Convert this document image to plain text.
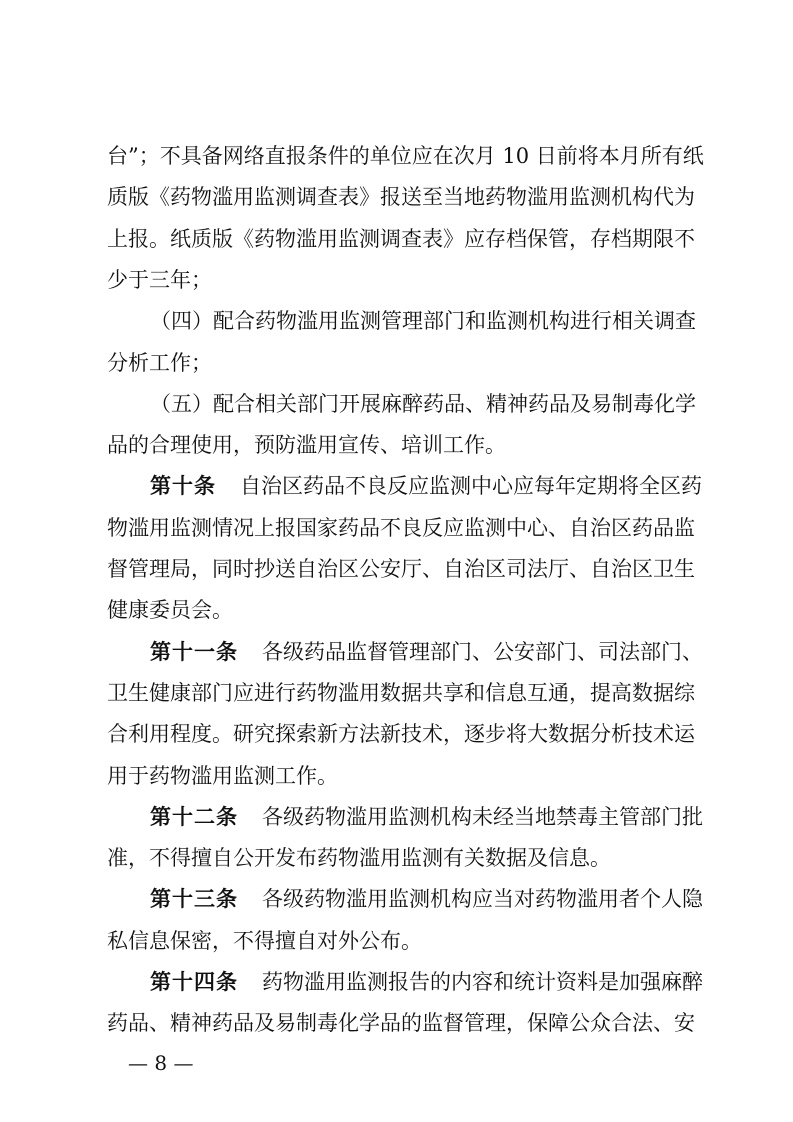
台”；不具备网络直报条件的单位应在次月 10 日前将本月所有纸
质版《药物滥用监测调查表》报送至当地药物滥用监测机构代为
上报。纸质版《药物滥用监测调查表》应存档保管，存档期限不
少于三年；
（四）配合药物滥用监测管理部门和监测机构进行相关调查
分析工作；
（五）配合相关部门开展麻醉药品、精神药品及易制毒化学
品的合理使用，预防滥用宣传、培训工作。
第十条 自治区药品不良反应监测中心应每年定期将全区药
物滥用监测情况上报国家药品不良反应监测中心、自治区药品监
督管理局，同时抄送自治区公安厅、自治区司法厅、自治区卫生
健康委员会。
第十一条 各级药品监督管理部门、公安部门、司法部门、
卫生健康部门应进行药物滥用数据共享和信息互通，提高数据综
合利用程度。研究探索新方法新技术，逐步将大数据分析技术运
用于药物滥用监测工作。
第十二条 各级药物滥用监测机构未经当地禁毒主管部门批
准，不得擅自公开发布药物滥用监测有关数据及信息。
第十三条 各级药物滥用监测机构应当对药物滥用者个人隐
私信息保密，不得擅自对外公布。
第十四条 药物滥用监测报告的内容和统计资料是加强麻醉
— 8 —
药品、精神药品及易制毒化学品的监督管理，保障公众合法、安
